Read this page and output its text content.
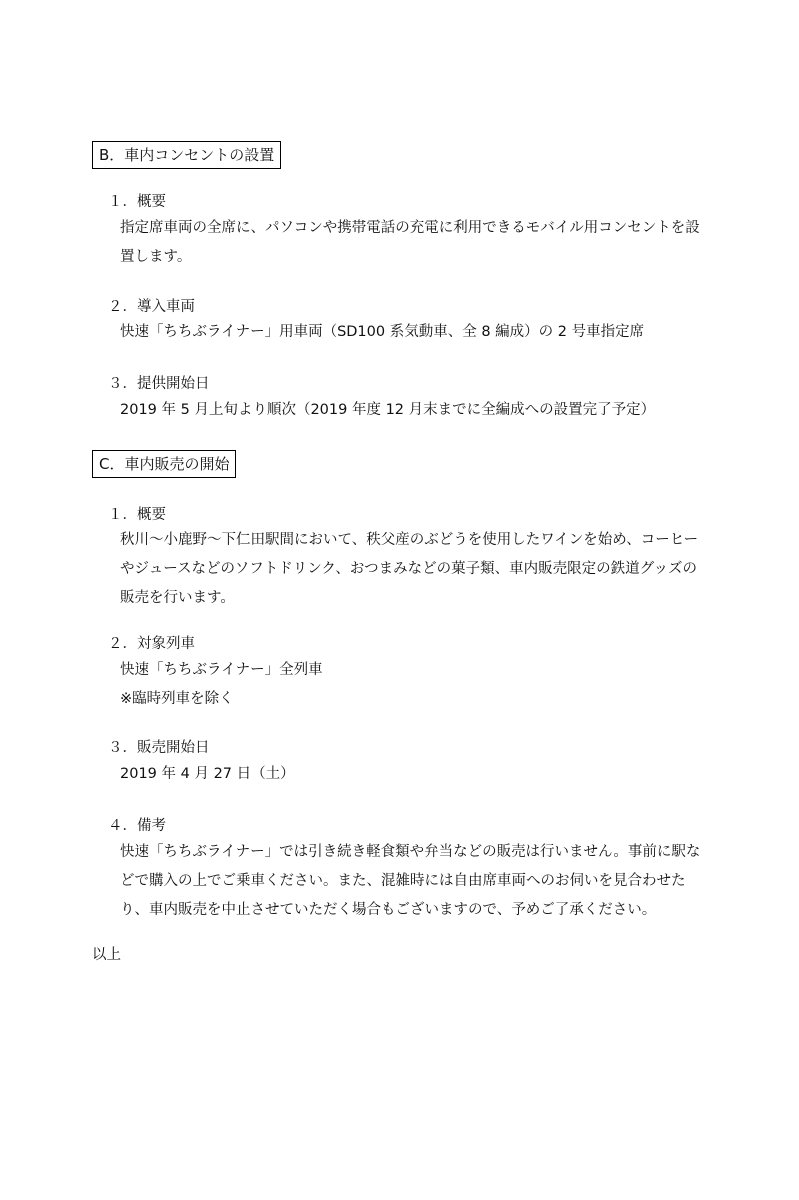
B．車内コンセントの設置
１．概要
指定席車両の全席に、パソコンや携帯電話の充電に利用できるモバイル用コンセントを設
置します。
２．導入車両
快速「ちちぶライナー」用車両（SD100 系気動車、全 8 編成）の 2 号車指定席
３．提供開始日
2019 年 5 月上旬より順次（2019 年度 12 月末までに全編成への設置完了予定）
C．車内販売の開始
１．概要
秋川～小鹿野～下仁田駅間において、秩父産のぶどうを使用したワインを始め、コーヒー
やジュースなどのソフトドリンク、おつまみなどの菓子類、車内販売限定の鉄道グッズの
販売を行います。
２．対象列車
快速「ちちぶライナー」全列車
※臨時列車を除く
３．販売開始日
2019 年 4 月 27 日（土）
４．備考
快速「ちちぶライナー」では引き続き軽食類や弁当などの販売は行いません。事前に駅な
どで購入の上でご乗車ください。また、混雑時には自由席車両へのお伺いを見合わせた
り、車内販売を中止させていただく場合もございますので、予めご了承ください。
以上
